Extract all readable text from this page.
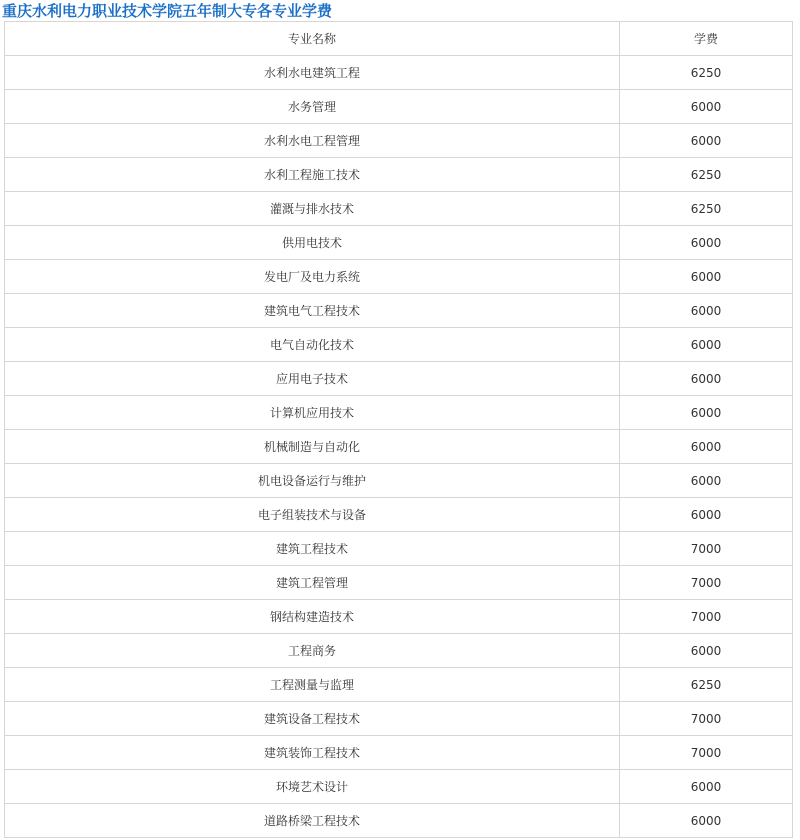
重庆水利电力职业技术学院五年制大专各专业学费
专业名称	学费
水利水电建筑工程	6250
水务管理	6000
水利水电工程管理	6000
水利工程施工技术	6250
灌溉与排水技术	6250
供用电技术	6000
发电厂及电力系统	6000
建筑电气工程技术	6000
电气自动化技术	6000
应用电子技术	6000
计算机应用技术	6000
机械制造与自动化	6000
机电设备运行与维护	6000
电子组装技术与设备	6000
建筑工程技术	7000
建筑工程管理	7000
钢结构建造技术	7000
工程商务	6000
工程测量与监理	6250
建筑设备工程技术	7000
建筑装饰工程技术	7000
环境艺术设计	6000
道路桥梁工程技术	6000
